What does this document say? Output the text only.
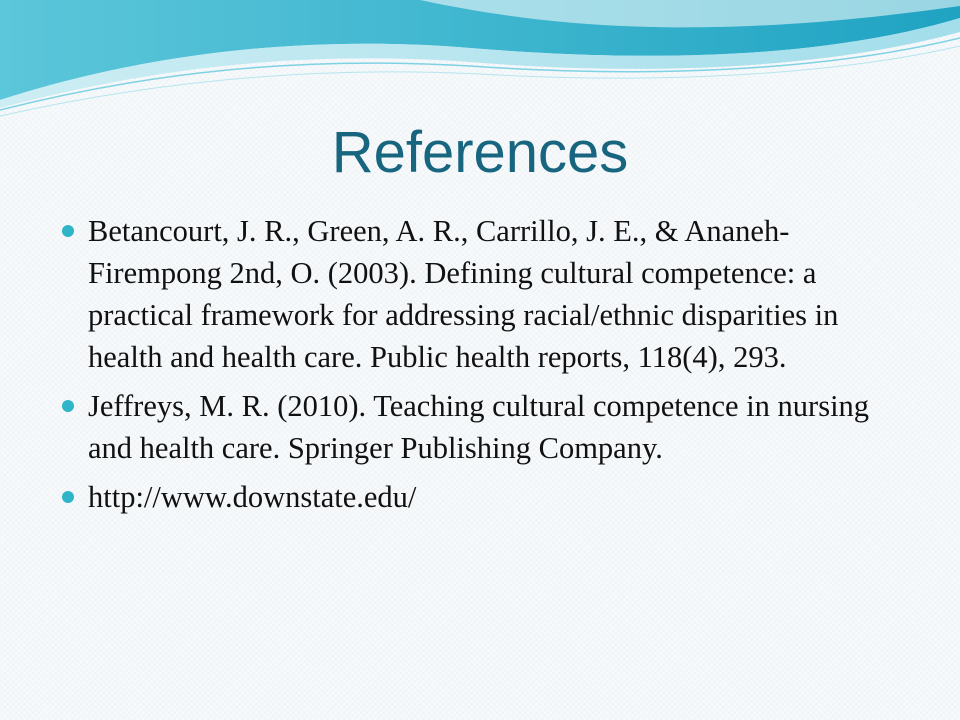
References
Betancourt, J. R., Green, A. R., Carrillo, J. E., & Ananeh-Firempong 2nd, O. (2003). Defining cultural competence: a practical framework for addressing racial/ethnic disparities in health and health care. Public health reports, 118(4), 293.
Jeffreys, M. R. (2010). Teaching cultural competence in nursing and health care. Springer Publishing Company.
http://www.downstate.edu/
